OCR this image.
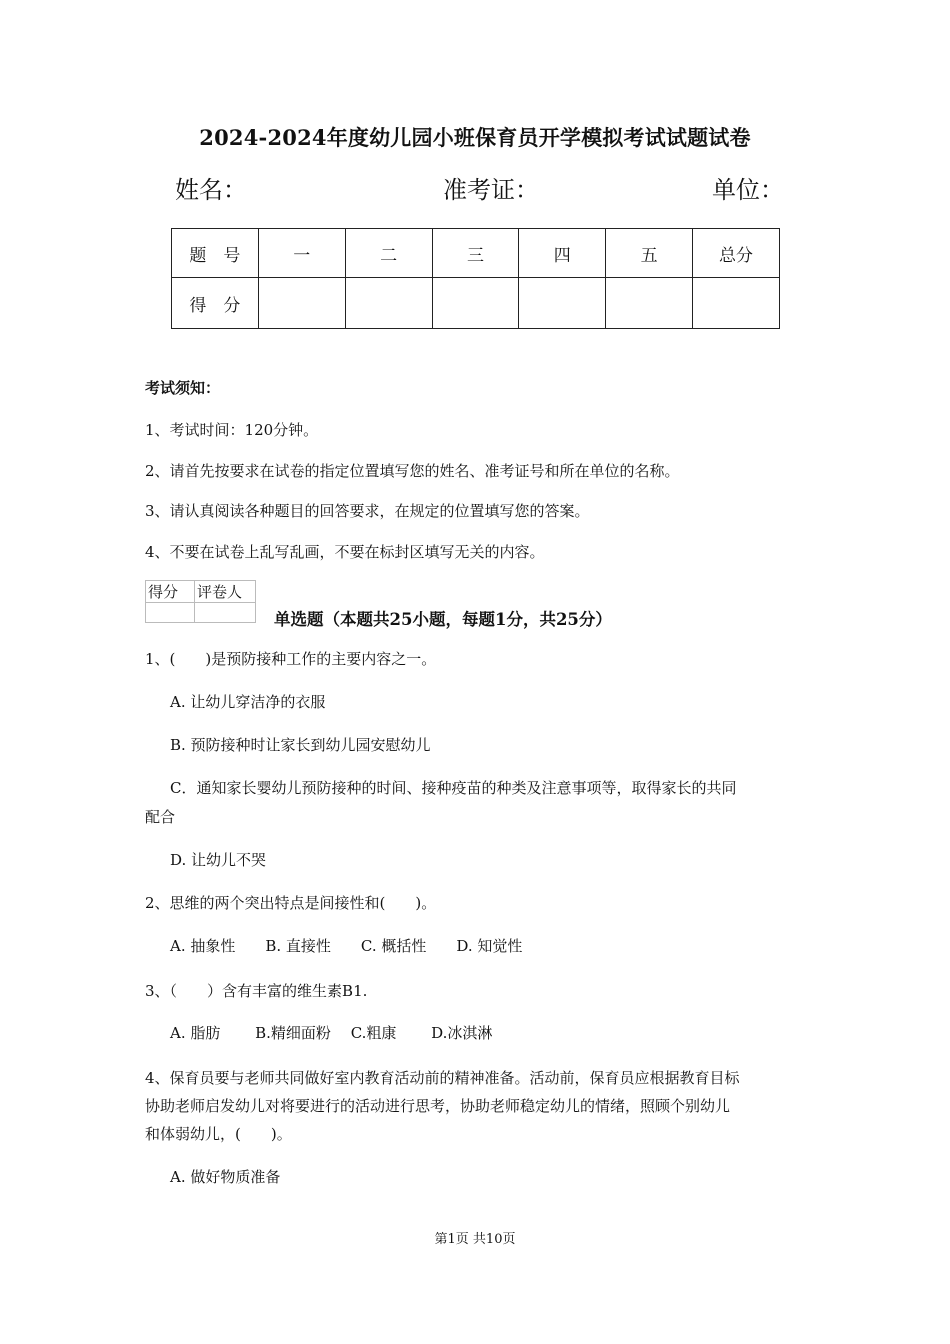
2024-2024年度幼儿园小班保育员开学模拟考试试题试卷
姓名：	准考证：	单位：
题　号	一	二	三	四	五	总分
得　分						
考试须知：
1、考试时间：120分钟。
2、请首先按要求在试卷的指定位置填写您的姓名、准考证号和所在单位的名称。
3、请认真阅读各种题目的回答要求，在规定的位置填写您的答案。
4、不要在试卷上乱写乱画，不要在标封区填写无关的内容。
得分	评卷人

单选题（本题共25小题，每题1分，共25分）
1、(　　)是预防接种工作的主要内容之一。
A. 让幼儿穿洁净的衣服
B. 预防接种时让家长到幼儿园安慰幼儿
C．通知家长婴幼儿预防接种的时间、接种疫苗的种类及注意事项等，取得家长的共同
配合
D. 让幼儿不哭
2、思维的两个突出特点是间接性和(　　)。
A. 抽象性　　B. 直接性　　C. 概括性　　D. 知觉性
3、（　　）含有丰富的维生素B1.
A. 脂肪　　 B.精细面粉　 C.粗康　　 D.冰淇淋
4、保育员要与老师共同做好室内教育活动前的精神准备。活动前，保育员应根据教育目标
协助老师启发幼儿对将要进行的活动进行思考，协助老师稳定幼儿的情绪，照顾个别幼儿
和体弱幼儿，(　　)。
A. 做好物质准备
第1页 共10页
